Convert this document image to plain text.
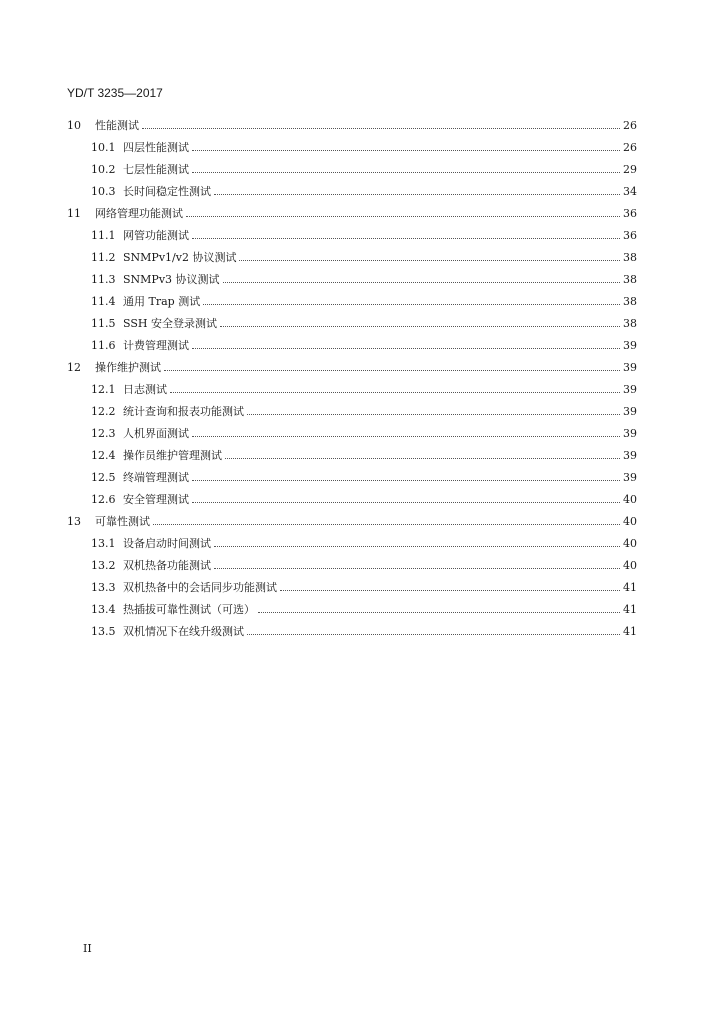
YD/T 3235—2017
10	性能测试	26
10.1 四层性能测试	26
10.2 七层性能测试	29
10.3 长时间稳定性测试	34
11	网络管理功能测试	36
11.1 网管功能测试	36
11.2 SNMPv1/v2 协议测试	38
11.3 SNMPv3 协议测试	38
11.4 通用 Trap 测试	38
11.5 SSH 安全登录测试	38
11.6 计费管理测试	39
12	操作维护测试	39
12.1 日志测试	39
12.2 统计查询和报表功能测试	39
12.3 人机界面测试	39
12.4 操作员维护管理测试	39
12.5 终端管理测试	39
12.6 安全管理测试	40
13	可靠性测试	40
13.1 设备启动时间测试	40
13.2 双机热备功能测试	40
13.3 双机热备中的会话同步功能测试	41
13.4 热插拔可靠性测试（可选）	41
13.5 双机情况下在线升级测试	41
II
